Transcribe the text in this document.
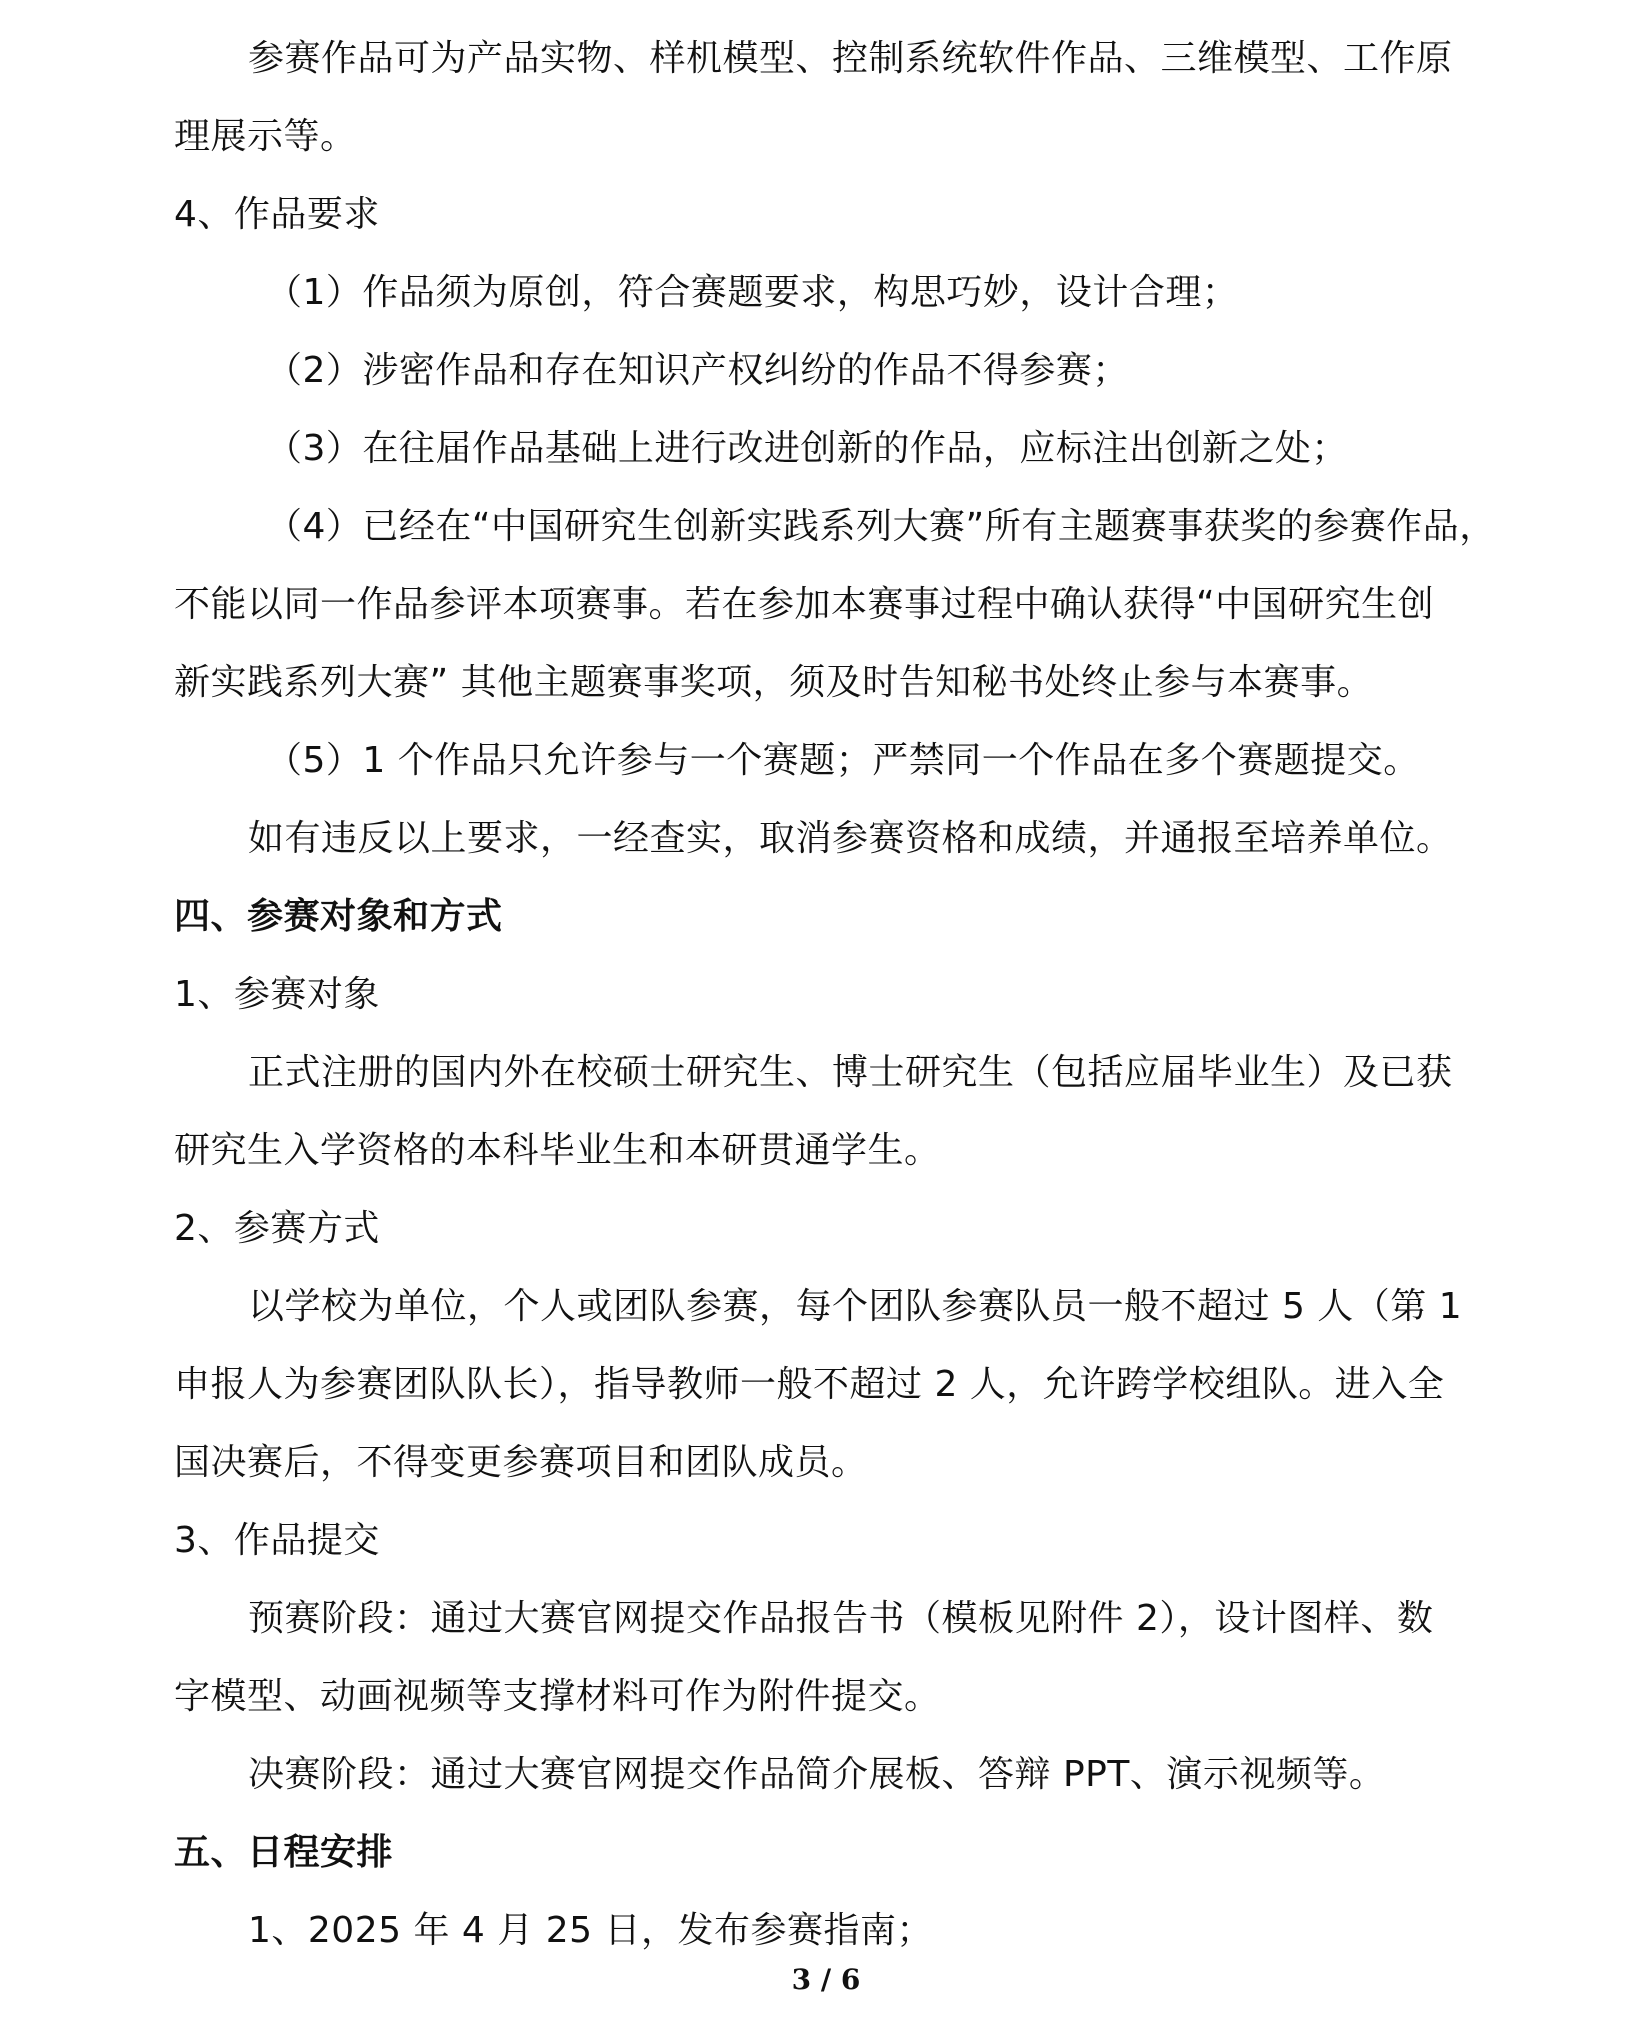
参赛作品可为产品实物、样机模型、控制系统软件作品、三维模型、工作原

理展示等。

4、作品要求

（1）作品须为原创，符合赛题要求，构思巧妙，设计合理；

（2）涉密作品和存在知识产权纠纷的作品不得参赛；

（3）在往届作品基础上进行改进创新的作品，应标注出创新之处；

（4）已经在“中国研究生创新实践系列大赛”所有主题赛事获奖的参赛作品，

不能以同一作品参评本项赛事。若在参加本赛事过程中确认获得“中国研究生创

新实践系列大赛” 其他主题赛事奖项，须及时告知秘书处终止参与本赛事。

（5）1 个作品只允许参与一个赛题；严禁同一个作品在多个赛题提交。

如有违反以上要求，一经查实，取消参赛资格和成绩，并通报至培养单位。

四、参赛对象和方式

1、参赛对象

正式注册的国内外在校硕士研究生、博士研究生（包括应届毕业生）及已获

研究生入学资格的本科毕业生和本研贯通学生。

2、参赛方式

以学校为单位，个人或团队参赛，每个团队参赛队员一般不超过 5 人（第 1

申报人为参赛团队队长），指导教师一般不超过 2 人，允许跨学校组队。进入全

国决赛后，不得变更参赛项目和团队成员。

3、作品提交

预赛阶段：通过大赛官网提交作品报告书（模板见附件 2），设计图样、数

字模型、动画视频等支撑材料可作为附件提交。

决赛阶段：通过大赛官网提交作品简介展板、答辩 PPT、演示视频等。

五、日程安排

1、2025 年 4 月 25 日，发布参赛指南；

3 / 6
